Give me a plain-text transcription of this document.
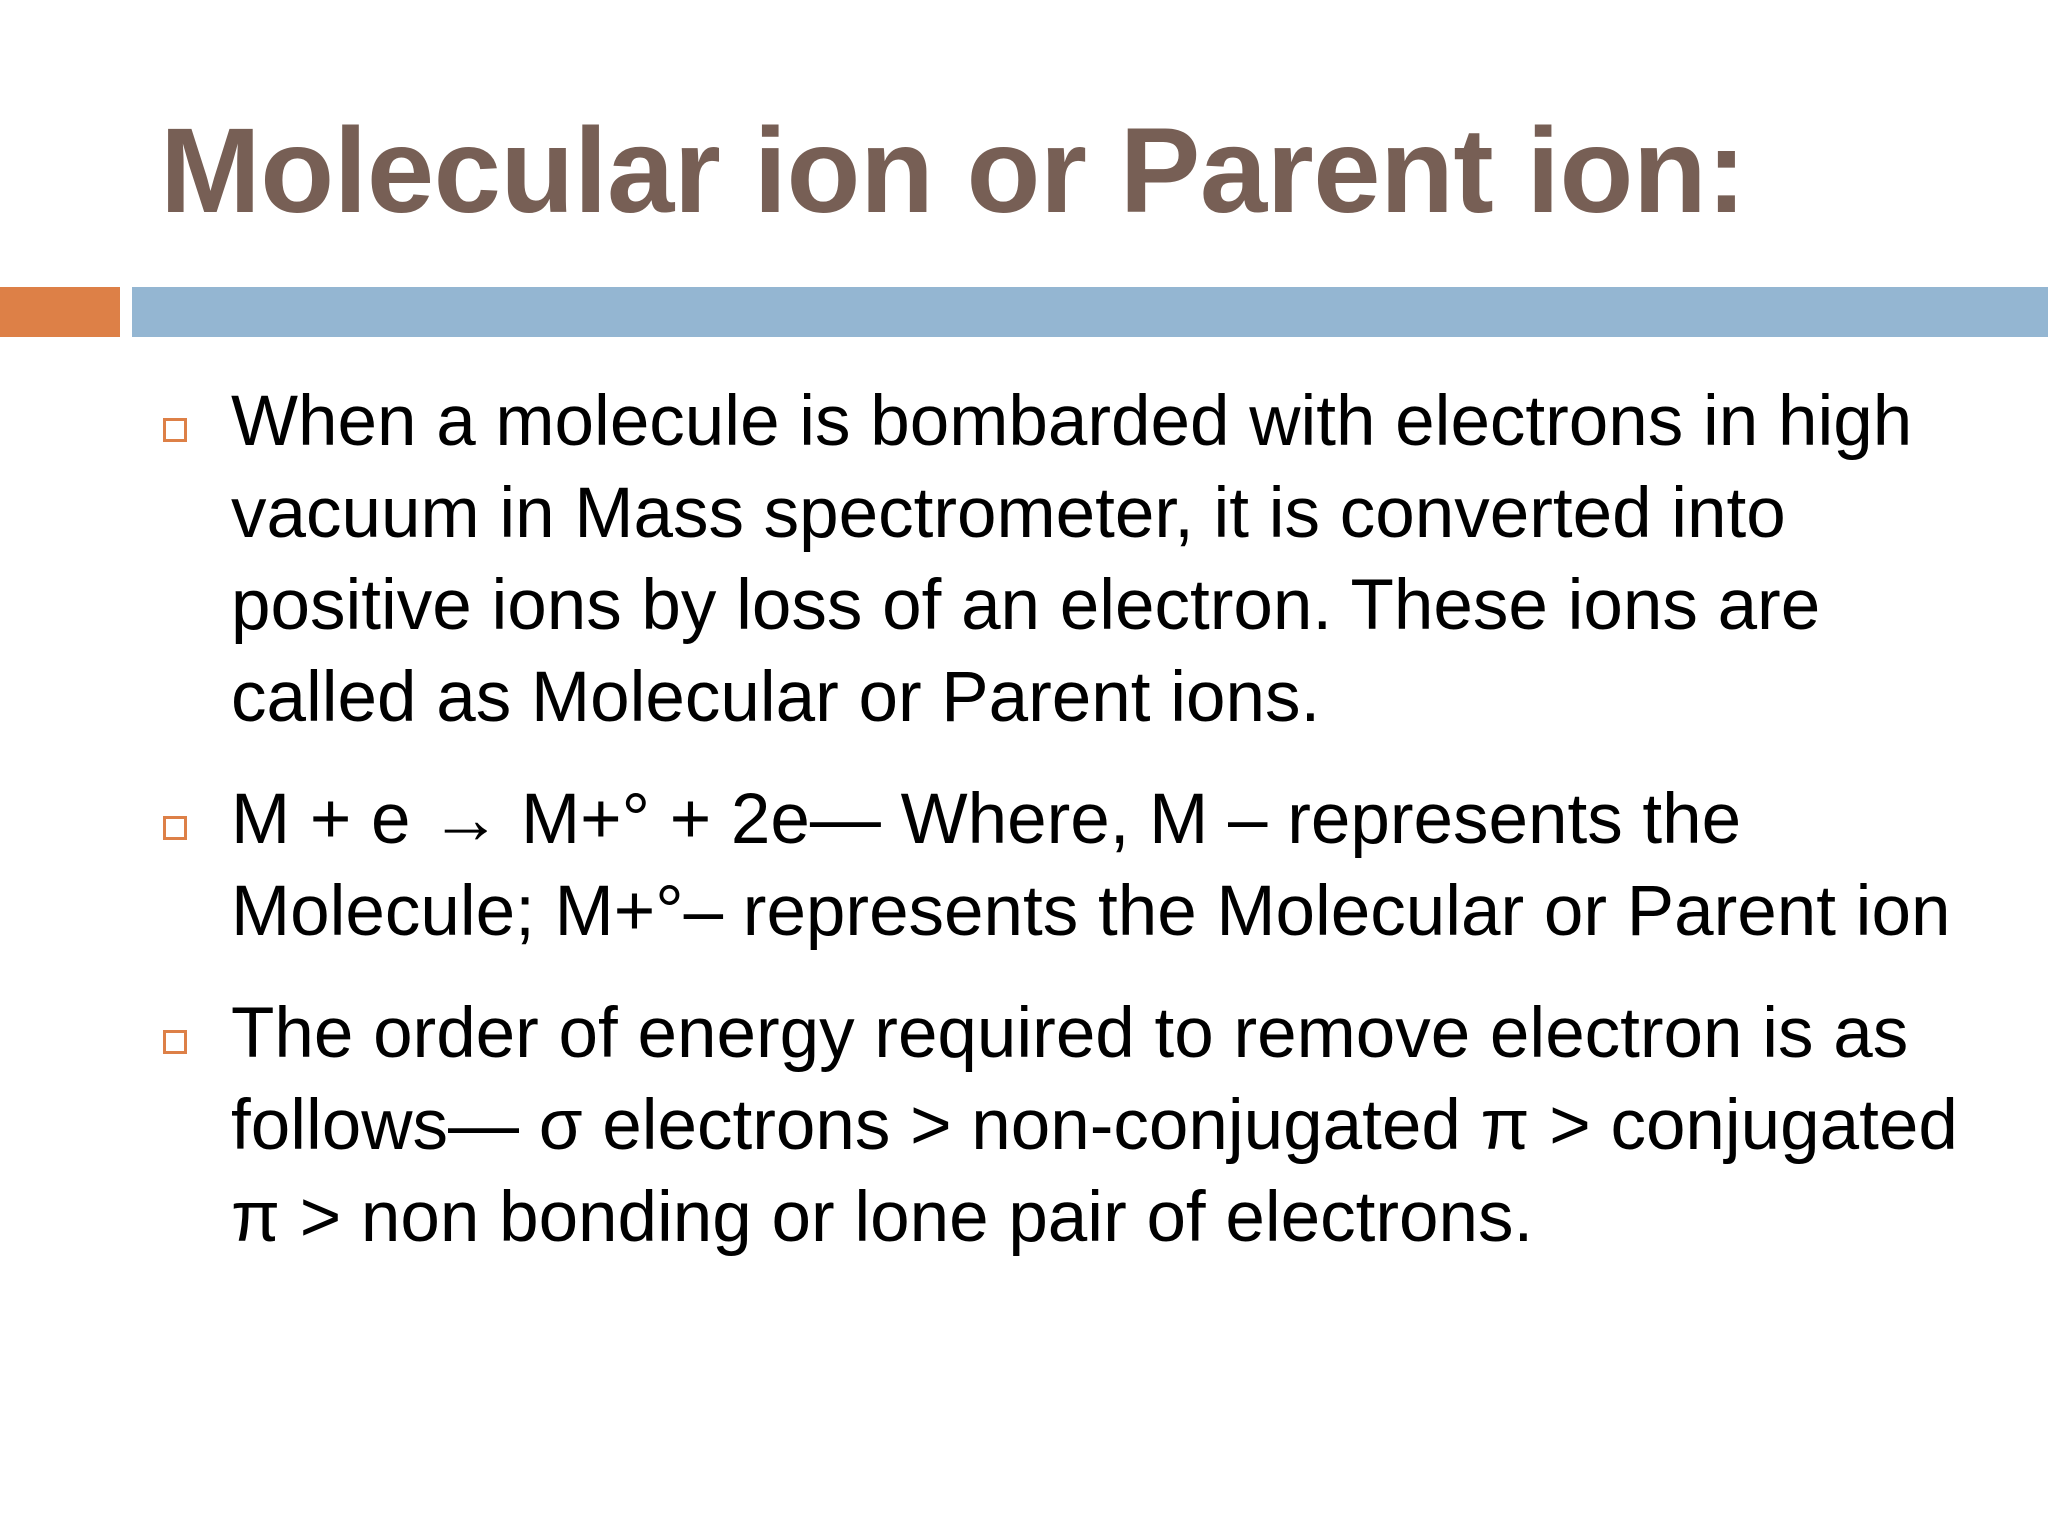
Molecular ion or Parent ion:
When a molecule is bombarded with electrons in high vacuum in Mass spectrometer, it is converted into positive ions by loss of an electron. These ions are called as Molecular or Parent ions.
M + e → M+° + 2e— Where, M – represents the Molecule; M+°– represents the Molecular or Parent ion
The order of energy required to remove electron is as follows— σ electrons > non-conjugated π > conjugated π > non bonding or lone pair of electrons.
